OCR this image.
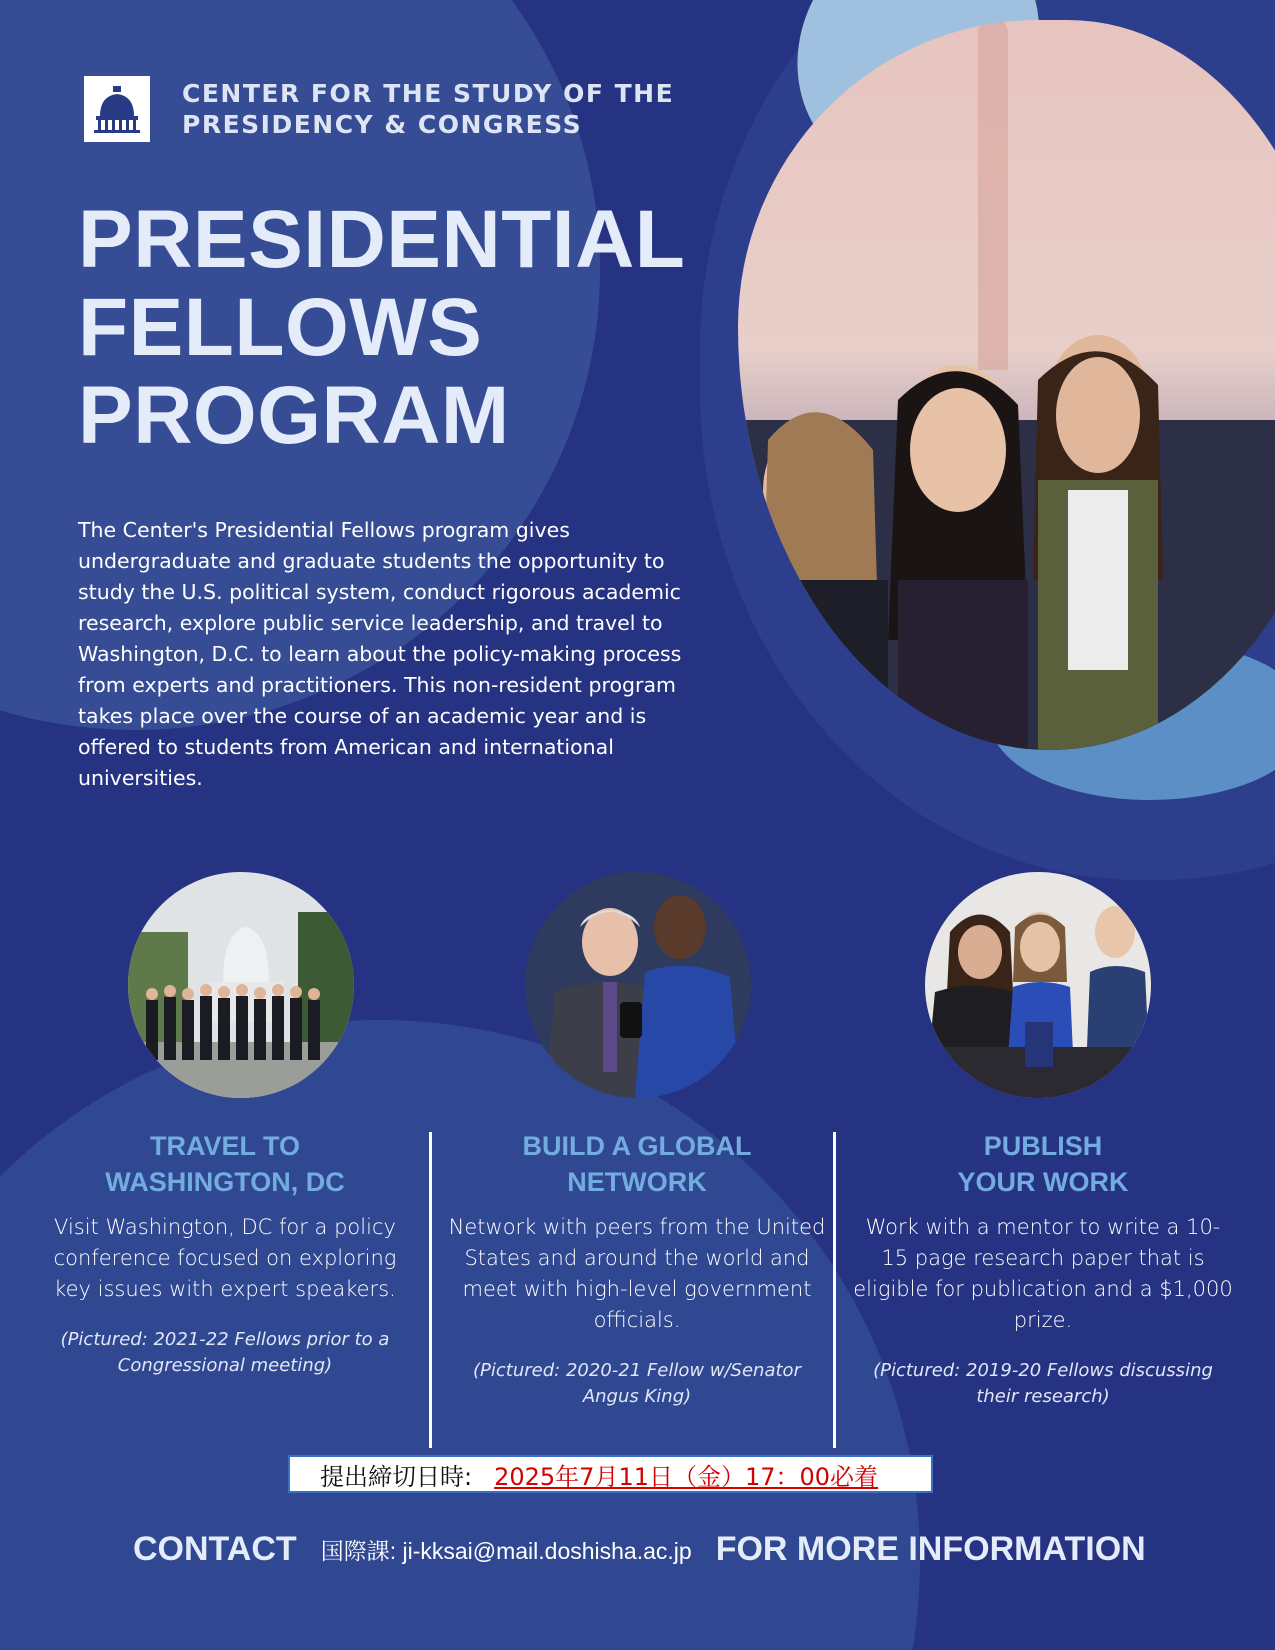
CENTER FOR THE STUDY OF THE
PRESIDENCY & CONGRESS
PRESIDENTIAL
FELLOWS
PROGRAM

The Center's Presidential Fellows program gives undergraduate and graduate students the opportunity to study the U.S. political system, conduct rigorous academic research, explore public service leadership, and travel to Washington, D.C. to learn about the policy-making process from experts and practitioners. This non-resident program takes place over the course of an academic year and is offered to students from American and international universities.

TRAVEL TO
WASHINGTON, DC
Visit Washington, DC for a policy conference focused on exploring key issues with expert speakers.
(Pictured: 2021-22 Fellows prior to a Congressional meeting)
BUILD A GLOBAL
NETWORK
Network with peers from the United States and around the world and meet with high-level government officials.
(Pictured: 2020-21 Fellow w/Senator Angus King)
PUBLISH
YOUR WORK
Work with a mentor to write a 10-15 page research paper that is eligible for publication and a $1,000 prize.
(Pictured: 2019-20 Fellows discussing their research)
提出締切日時: 2025年7月11日（金）17：00必着
CONTACT 国際課: ji-kksai@mail.doshisha.ac.jp FOR MORE INFORMATION
